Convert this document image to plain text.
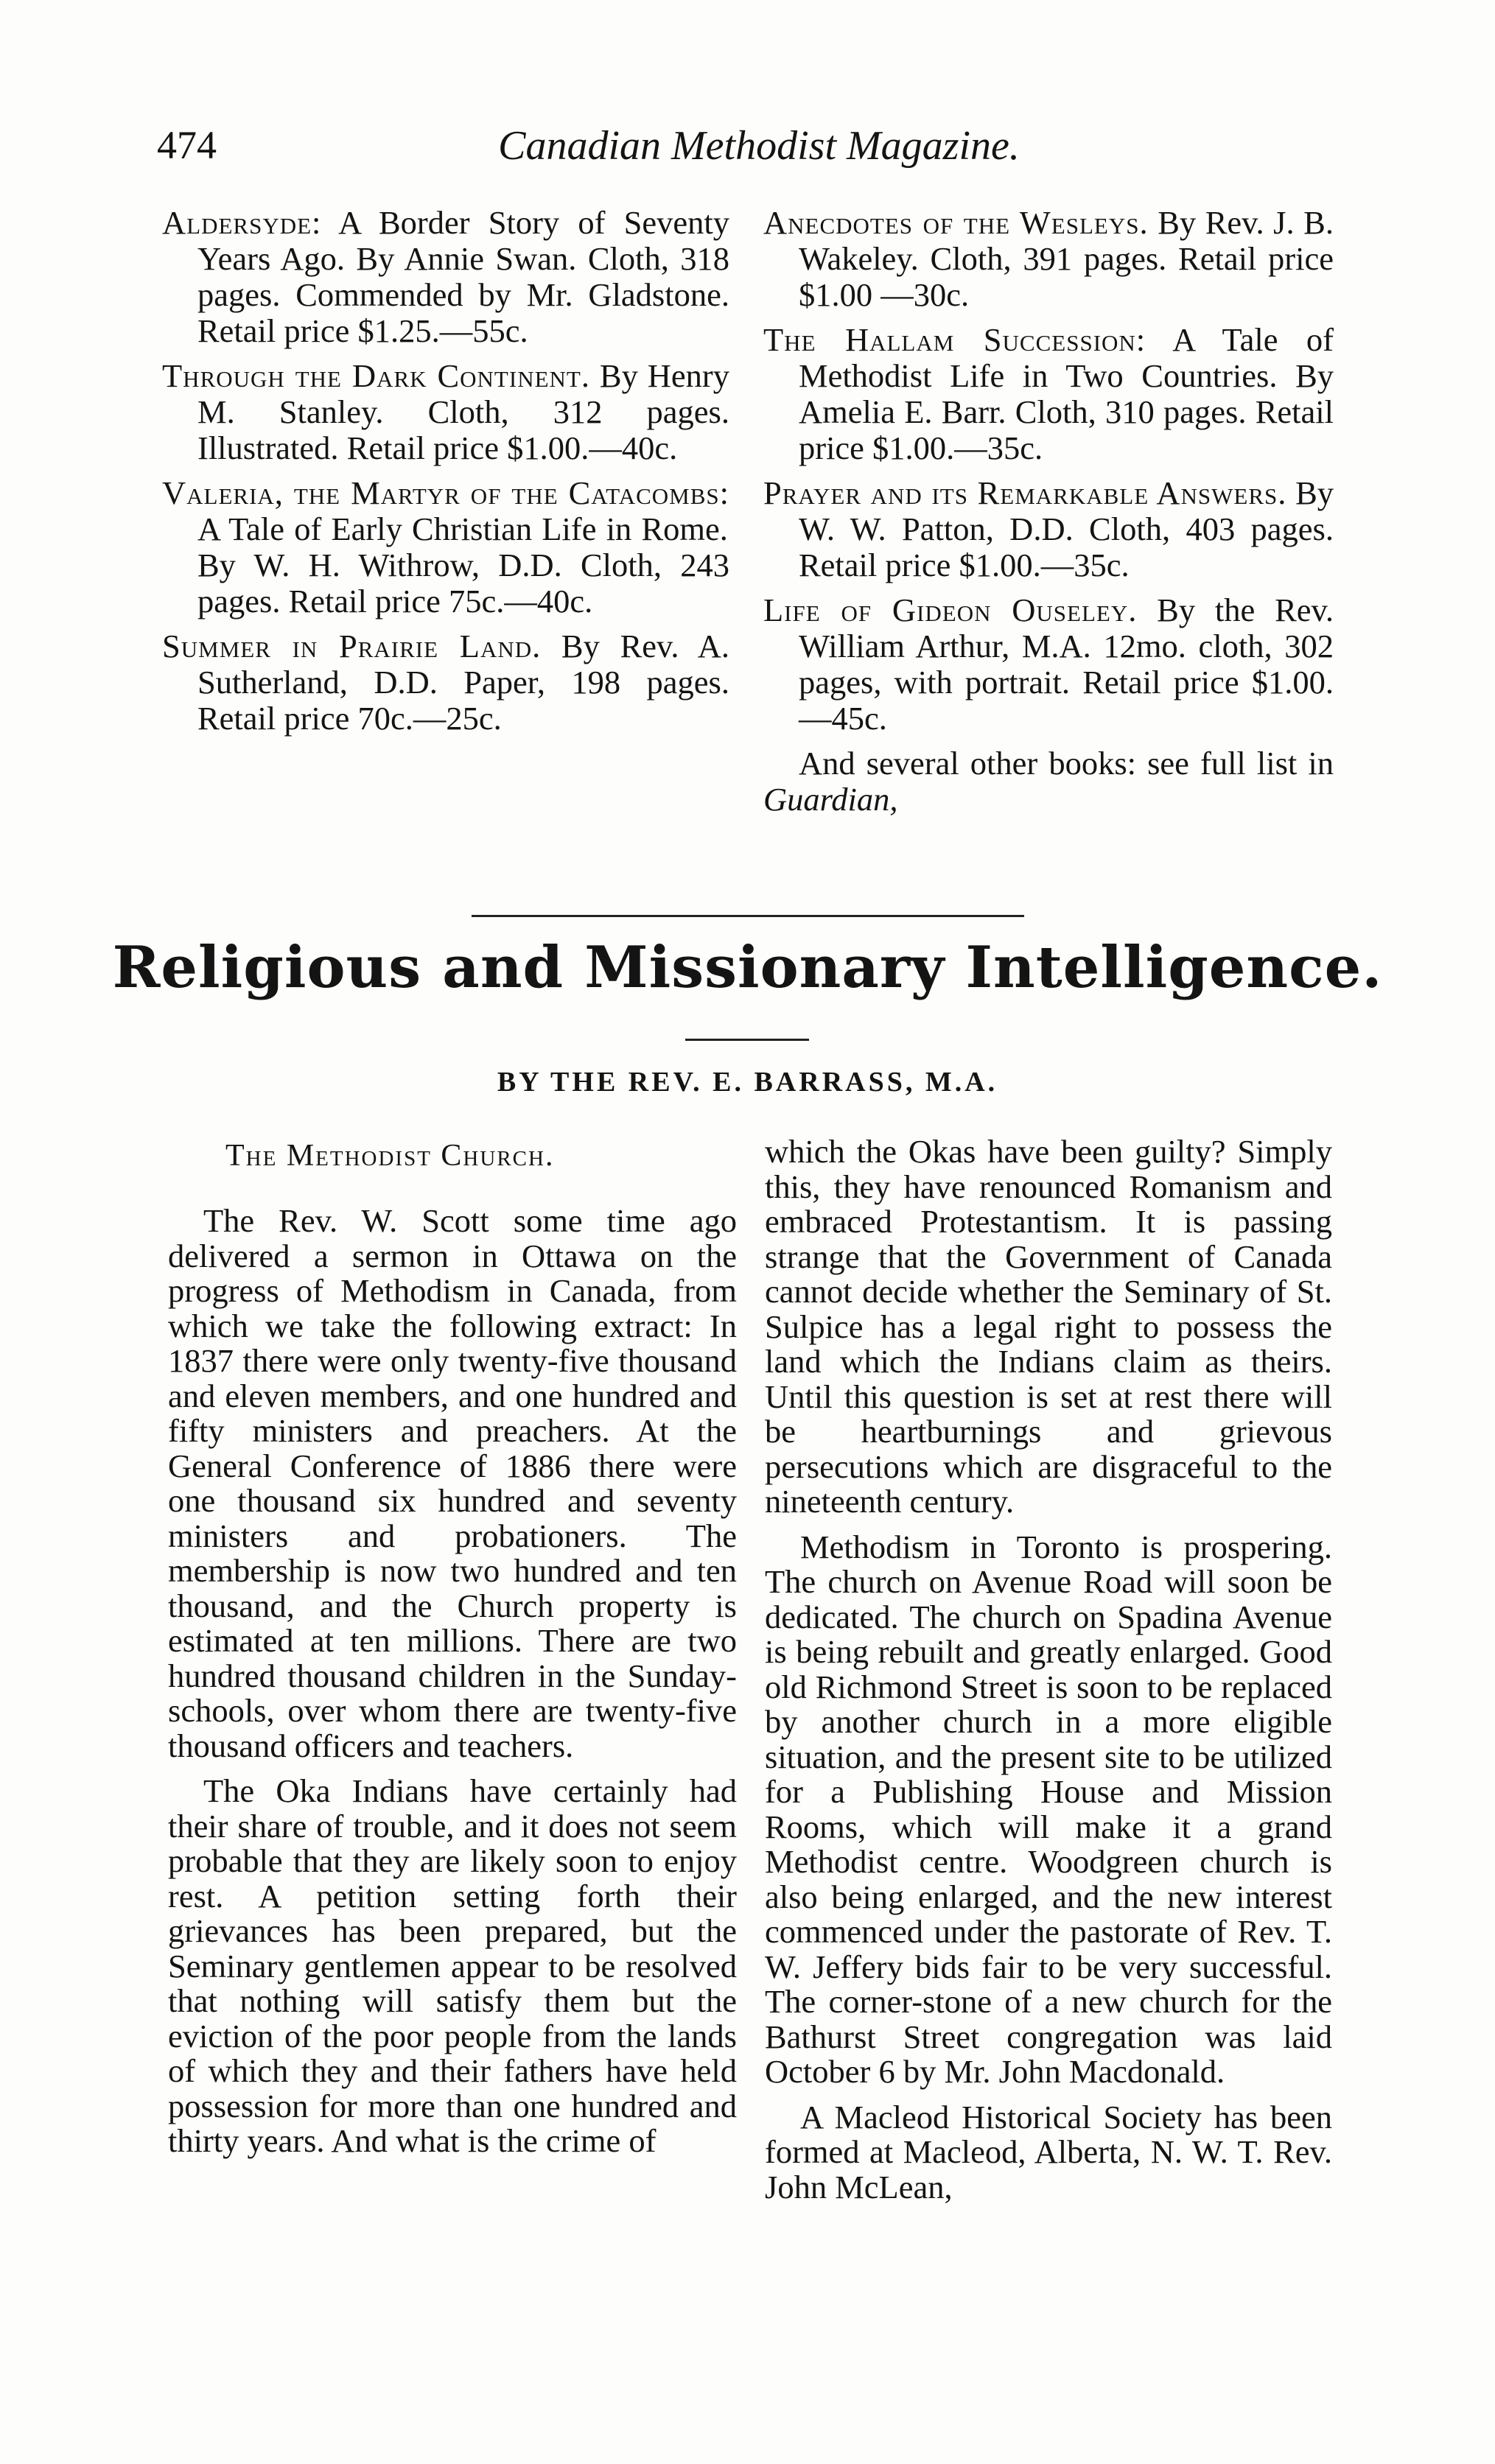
474	Canadian Methodist Magazine.

Aldersyde: A Border Story of Seventy Years Ago. By Annie Swan. Cloth, 318 pages. Commended by Mr. Gladstone. Retail price $1.25.—55c.

Through the Dark Continent. By Henry M. Stanley. Cloth, 312 pages. Illustrated. Retail price $1.00.—40c.

Valeria, the Martyr of the Catacombs: A Tale of Early Christian Life in Rome. By W. H. Withrow, D.D. Cloth, 243 pages. Retail price 75c.—40c.

Summer in Prairie Land. By Rev. A. Sutherland, D.D. Paper, 198 pages. Retail price 70c.—25c.

Anecdotes of the Wesleys. By Rev. J. B. Wakeley. Cloth, 391 pages. Retail price $1.00 —30c.

The Hallam Succession: A Tale of Methodist Life in Two Countries. By Amelia E. Barr. Cloth, 310 pages. Retail price $1.00.—35c.

Prayer and its Remarkable Answers. By W. W. Patton, D.D. Cloth, 403 pages. Retail price $1.00.—35c.

Life of Gideon Ouseley. By the Rev. William Arthur, M.A. 12mo. cloth, 302 pages, with portrait. Retail price $1.00.—45c.

And several other books: see full list in Guardian,

Religious and Missionary Intelligence.
BY THE REV. E. BARRASS, M.A.
The Methodist Church.

The Rev. W. Scott some time ago delivered a sermon in Ottawa on the progress of Methodism in Canada, from which we take the following extract: In 1837 there were only twenty-five thousand and eleven members, and one hundred and fifty ministers and preachers. At the General Conference of 1886 there were one thousand six hundred and seventy ministers and probationers. The membership is now two hundred and ten thousand, and the Church property is estimated at ten millions. There are two hundred thousand children in the Sunday-schools, over whom there are twenty-five thousand officers and teachers.

The Oka Indians have certainly had their share of trouble, and it does not seem probable that they are likely soon to enjoy rest. A petition setting forth their grievances has been prepared, but the Seminary gentlemen appear to be resolved that nothing will satisfy them but the eviction of the poor people from the lands of which they and their fathers have held possession for more than one hundred and thirty years. And what is the crime of

which the Okas have been guilty? Simply this, they have renounced Romanism and embraced Protestantism. It is passing strange that the Government of Canada cannot decide whether the Seminary of St. Sulpice has a legal right to possess the land which the Indians claim as theirs. Until this question is set at rest there will be heartburnings and grievous persecutions which are disgraceful to the nineteenth century.

Methodism in Toronto is prospering. The church on Avenue Road will soon be dedicated. The church on Spadina Avenue is being rebuilt and greatly enlarged. Good old Richmond Street is soon to be replaced by another church in a more eligible situation, and the present site to be utilized for a Publishing House and Mission Rooms, which will make it a grand Methodist centre. Woodgreen church is also being enlarged, and the new interest commenced under the pastorate of Rev. T. W. Jeffery bids fair to be very successful. The corner-stone of a new church for the Bathurst Street congregation was laid October 6 by Mr. John Macdonald.

A Macleod Historical Society has been formed at Macleod, Alberta, N. W. T. Rev. John McLean,
